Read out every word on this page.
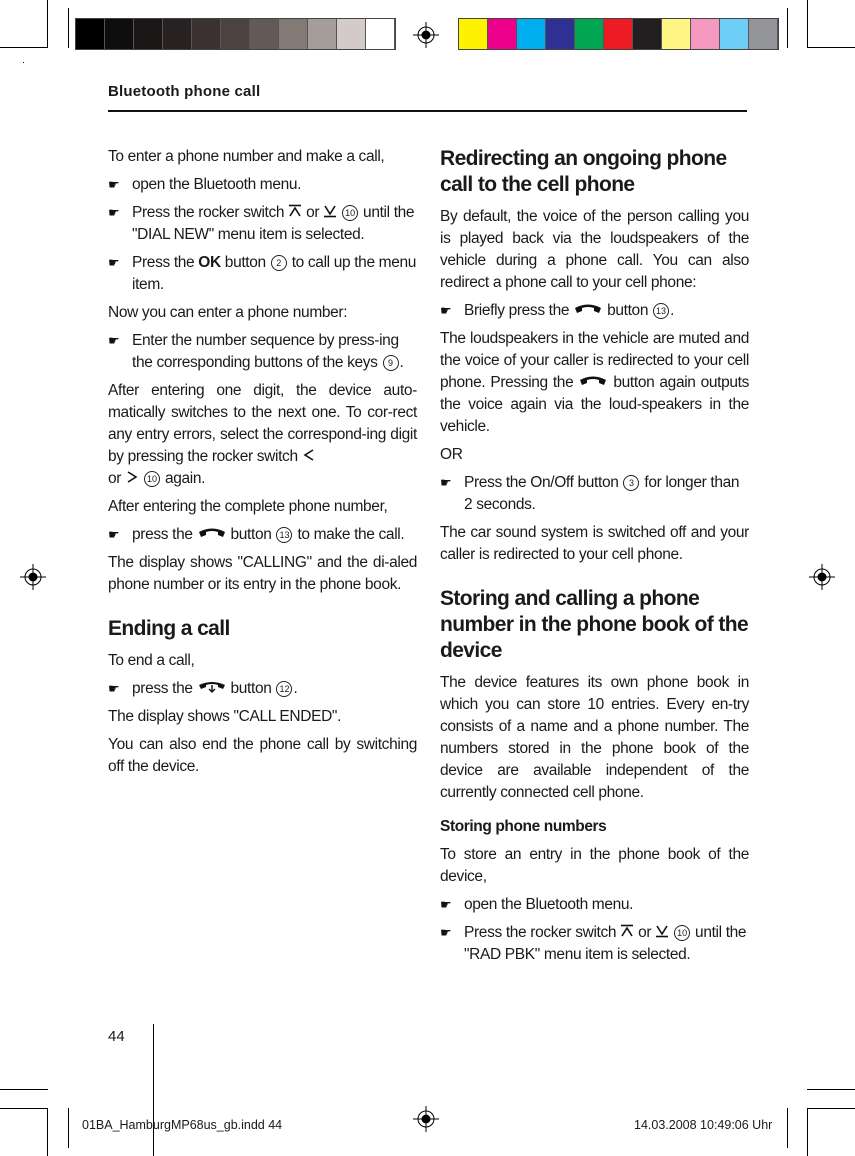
Bluetooth phone call

To enter a phone number and make a call,

☛ open the Bluetooth menu.
☛ Press the rocker switch  or  10 until the "DIAL NEW" menu item is selected.
☛ Press the OK button 2 to call up the menu item.

Now you can enter a phone number:

☛ Enter the number sequence by press-ing the corresponding buttons of the keys 9 .

After entering one digit, the device auto-matically switches to the next one. To cor-rect any entry errors, select the correspond-ing digit by pressing the rocker switch
or  10 again.

After entering the complete phone number,

☛ press the  button 13 to make the call.

The display shows "CALLING" and the di-aled phone number or its entry in the phone book.

Ending a call

To end a call,

☛ press the  button 12 .

The display shows "CALL ENDED".

You can also end the phone call by switching off the device.

Redirecting an ongoing phone call to the cell phone

By default, the voice of the person calling you is played back via the loudspeakers of the vehicle during a phone call. You can also redirect a phone call to your cell phone:

☛ Briefly press the  button 13 .

The loudspeakers in the vehicle are muted and the voice of your caller is redirected to your cell phone. Pressing the  button again outputs the voice again via the loud-speakers in the vehicle.

OR

☛ Press the On/Off button 3 for longer than 2 seconds.

The car sound system is switched off and your caller is redirected to your cell phone.

Storing and calling a phone number in the phone book of the device

The device features its own phone book in which you can store 10 entries. Every en-try consists of a name and a phone number. The numbers stored in the phone book of the device are available independent of the currently connected cell phone.

Storing phone numbers

To store an entry in the phone book of the device,

☛ open the Bluetooth menu.
☛ Press the rocker switch  or  10 until the "RAD PBK" menu item is selected.
44
01BA_HamburgMP68us_gb.indd 44	14.03.2008 10:49:06 Uhr
